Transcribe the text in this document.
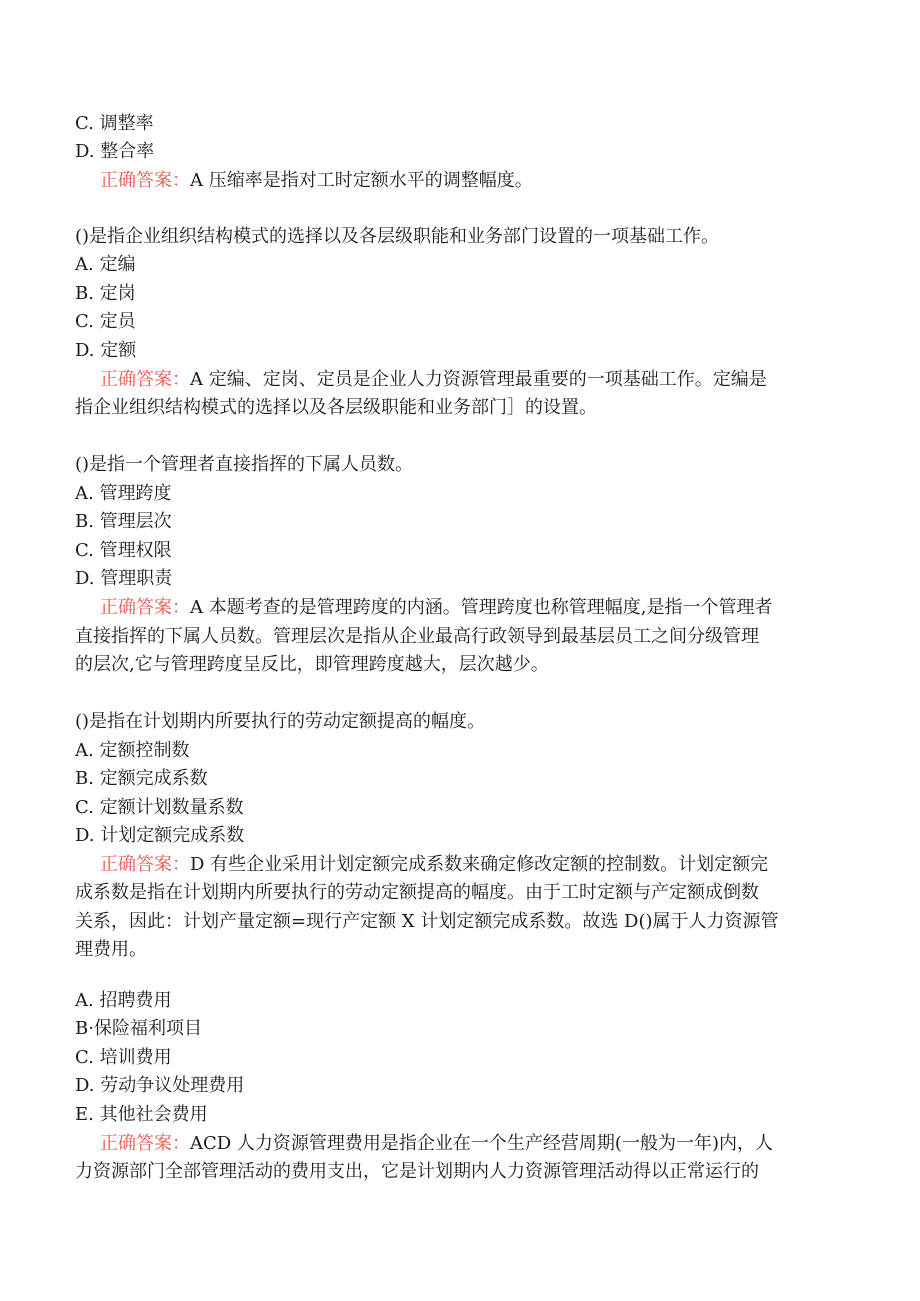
C. 调整率
D. 整合率
正确答案：A 压缩率是指对工时定额水平的调整幅度。
()是指企业组织结构模式的选择以及各层级职能和业务部门设置的一项基础工作。
A. 定编
B. 定岗
C. 定员
D. 定额
正确答案： A 定编、定岗、定员是企业人力资源管理最重要的一项基础工作。定编是
指企业组织结构模式的选择以及各层级职能和业务部门］的设置。
()是指一个管理者直接指挥的下属人员数。
A. 管理跨度
B. 管理层次
C. 管理权限
D. 管理职责
正确答案：A 本题考查的是管理跨度的内涵。管理跨度也称管理幅度,是指一个管理者
直接指挥的下属人员数。管理层次是指从企业最高行政领导到最基层员工之间分级管理
的层次,它与管理跨度呈反比，即管理跨度越大，层次越少。
()是指在计划期内所要执行的劳动定额提高的幅度。
A. 定额控制数
B. 定额完成系数
C. 定额计划数量系数
D. 计划定额完成系数
正确答案：D 有些企业采用计划定额完成系数来确定修改定额的控制数。计划定额完
成系数是指在计划期内所要执行的劳动定额提高的幅度。由于工时定额与产定额成倒数
关系，因此：计划产量定额=现行产定额 X 计划定额完成系数。故选 D()属于人力资源管
理费用。
A. 招聘费用
B·保险福利项目
C. 培训费用
D. 劳动争议处理费用
E. 其他社会费用
正确答案：ACD 人力资源管理费用是指企业在一个生产经营周期(一般为一年)内，人
力资源部门全部管理活动的费用支出，它是计划期内人力资源管理活动得以正常运行的
